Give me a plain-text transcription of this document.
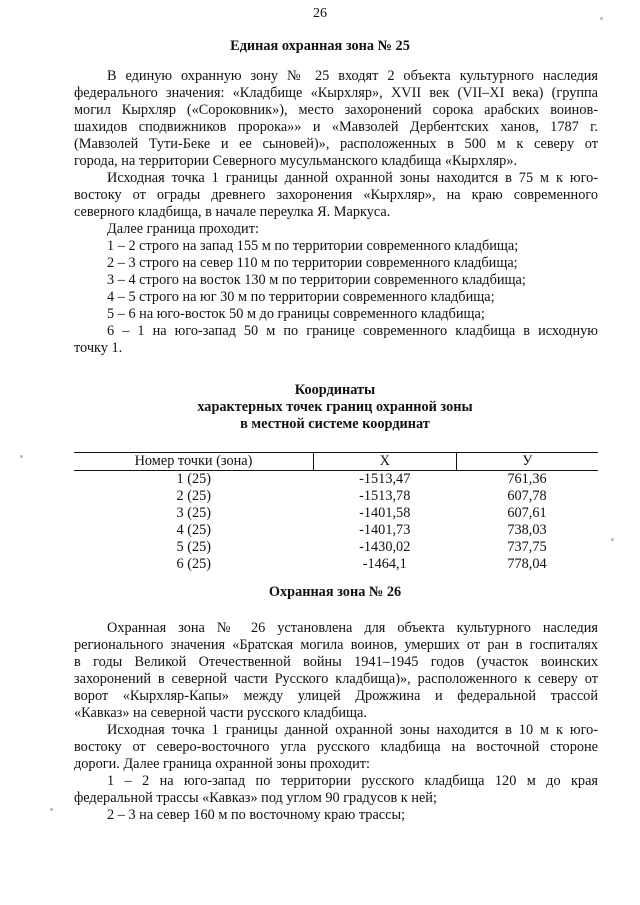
26
Единая охранная зона № 25
В единую охранную зону № 25 входят 2 объекта культурного наследия
федерального значения: «Кладбище «Кырхляр», XVII век (VII–XI века) (группа
могил Кырхляр («Сороковник»), место захоронений сорока арабских воинов-
шахидов сподвижников пророка»» и «Мавзолей Дербентских ханов, 1787 г.
(Мавзолей Тути-Беке и ее сыновей)», расположенных в 500 м к севеpу от
города, на территории Северного мусульманского кладбища «Кырхляр».
Исходная точка 1 границы данной охранной зоны находится в 75 м к юго-
востоку от ограды древнего захоронения «Кырхляр», на краю современного
северного кладбища, в начале переулка Я. Маркуса.
Далее граница проходит:
1 – 2 строго на запад 155 м по территории современного кладбища;
2 – 3 строго на север 110 м по территории современного кладбища;
3 – 4 строго на восток 130 м по территории современного кладбища;
4 – 5 строго на юг 30 м по территории современного кладбища;
5 – 6 на юго-восток 50 м до границы современного кладбища;
6 – 1 на юго-запад 50 м по границе современного кладбища в исходную
точку 1.
Координаты
характерных точек границ охранной зоны
в местной системе координат
Номер точки (зона)	X	У
1 (25)	-1513,47	761,36
2 (25)	-1513,78	607,78
3 (25)	-1401,58	607,61
4 (25)	-1401,73	738,03
5 (25)	-1430,02	737,75
6 (25)	-1464,1	778,04
Охранная зона № 26
Охранная зона № 26 установлена для объекта культурного наследия
регионального значения «Братская могила воинов, умерших от ран в госпиталях
в годы Великой Отечественной войны 1941–1945 годов (участок воинских
захоронений в северной части Русского кладбища)», расположенного к северу от
ворот «Кырхляр-Капы» между улицей Дрожжина и федеральной трассой
«Кавказ» на северной части русского кладбища.
Исходная точка 1 границы данной охранной зоны находится в 10 м к юго-
востоку от северо-восточного угла русского кладбища на восточной стороне
дороги. Далее граница охранной зоны проходит:
1 – 2 на юго-запад по территории русского кладбища 120 м до края
федеральной трассы «Кавказ» под углом 90 градусов к ней;
2 – 3 на север 160 м по восточному краю трассы;
